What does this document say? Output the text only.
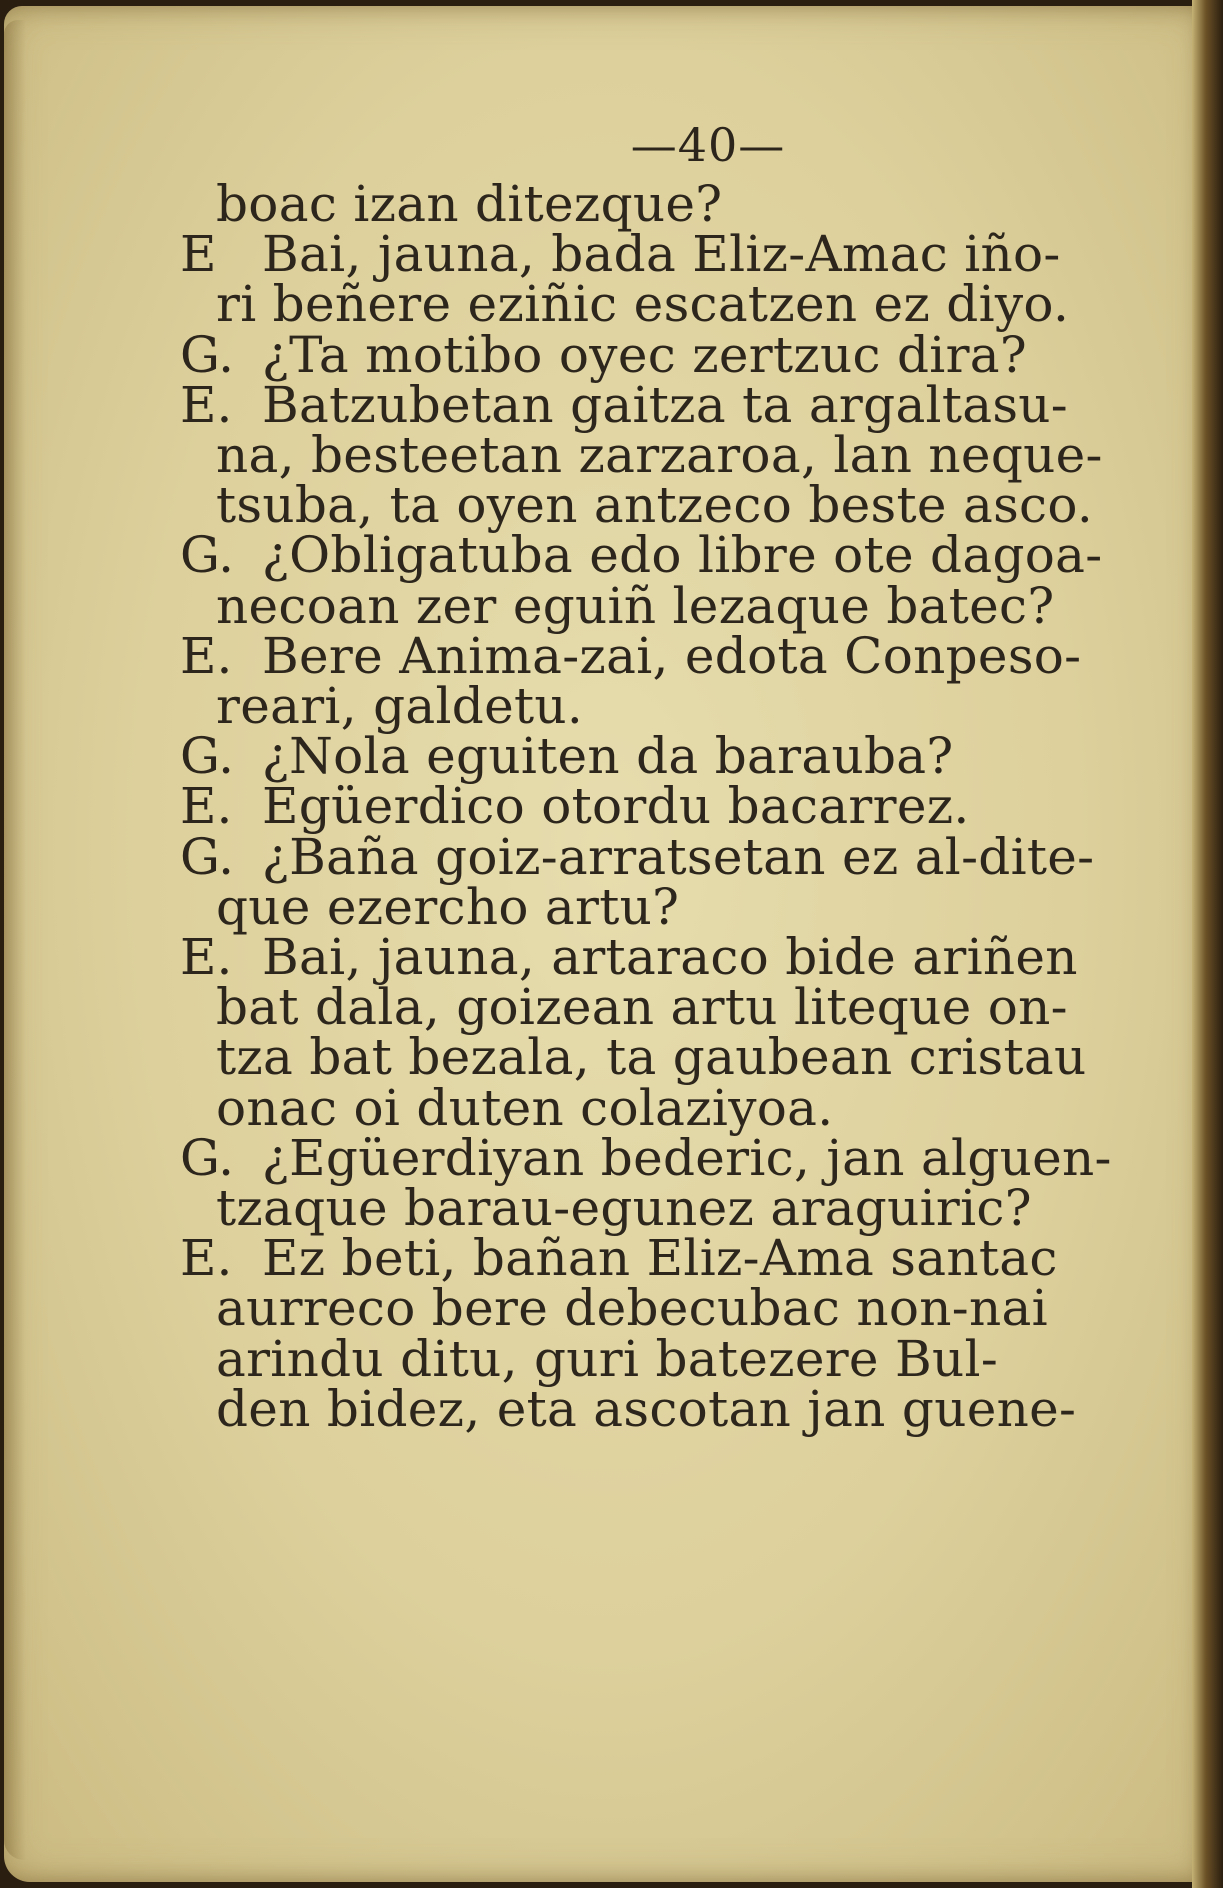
—40—
boac izan ditezque?
E Bai, jauna, bada Eliz-Amac iño-
ri beñere eziñic escatzen ez diyo.
G. ¿Ta motibo oyec zertzuc dira?
E. Batzubetan gaitza ta argaltasu-
na, besteetan zarzaroa, lan neque-
tsuba, ta oyen antzeco beste asco.
G. ¿Obligatuba edo libre ote dagoa-
necoan zer eguiñ lezaque batec?
E. Bere Anima-zai, edota Conpeso-
reari, galdetu.
G. ¿Nola eguiten da barauba?
E. Egüerdico otordu bacarrez.
G. ¿Baña goiz-arratsetan ez al-dite-
que ezercho artu?
E. Bai, jauna, artaraco bide ariñen
bat dala, goizean artu liteque on-
tza bat bezala, ta gaubean cristau
onac oi duten colaziyoa.
G. ¿Egüerdiyan bederic, jan alguen-
tzaque barau-egunez araguiric?
E. Ez beti, bañan Eliz-Ama santac
aurreco bere debecubac non-nai
arindu ditu, guri batezere Bul-
den bidez, eta ascotan jan guene-
